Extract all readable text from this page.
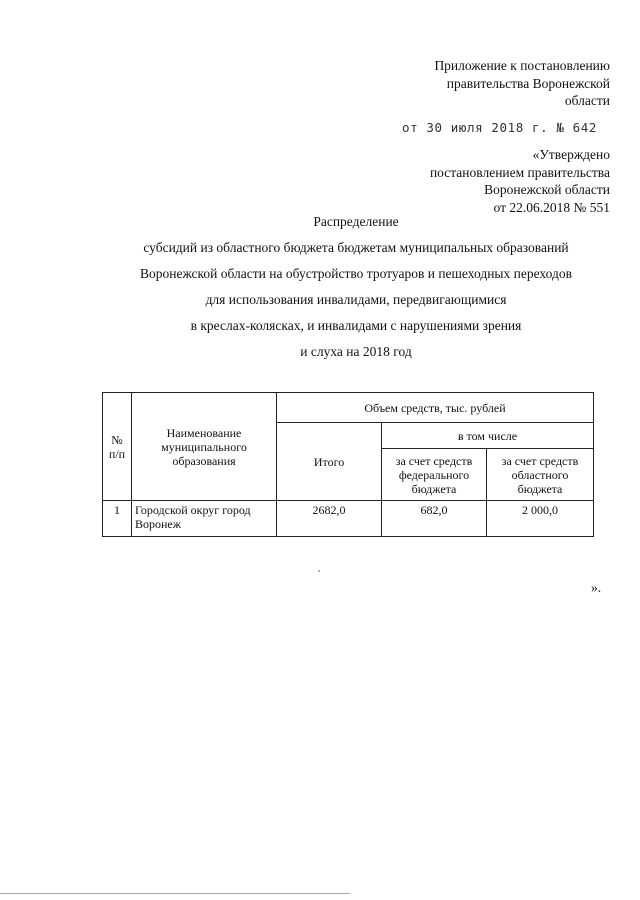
Приложение к постановлению
правительства Воронежской
области
от 30 июля 2018 г. № 642
«Утверждено
постановлением правительства
Воронежской области
от 22.06.2018 № 551
Распределение
субсидий из областного бюджета бюджетам муниципальных образований
Воронежской области на обустройство тротуаров и пешеходных переходов
для использования инвалидами, передвигающимися
в креслах-колясках, и инвалидами с нарушениями зрения
и слуха на 2018 год
№ п/п	Наименование муниципального образования	Объем средств, тыс. рублей		
		Итого	в том числе	
			за счет средств федерального бюджета	за счет средств областного бюджета
1	Городской округ город Воронеж	2682,0	682,0	2 000,0
».
